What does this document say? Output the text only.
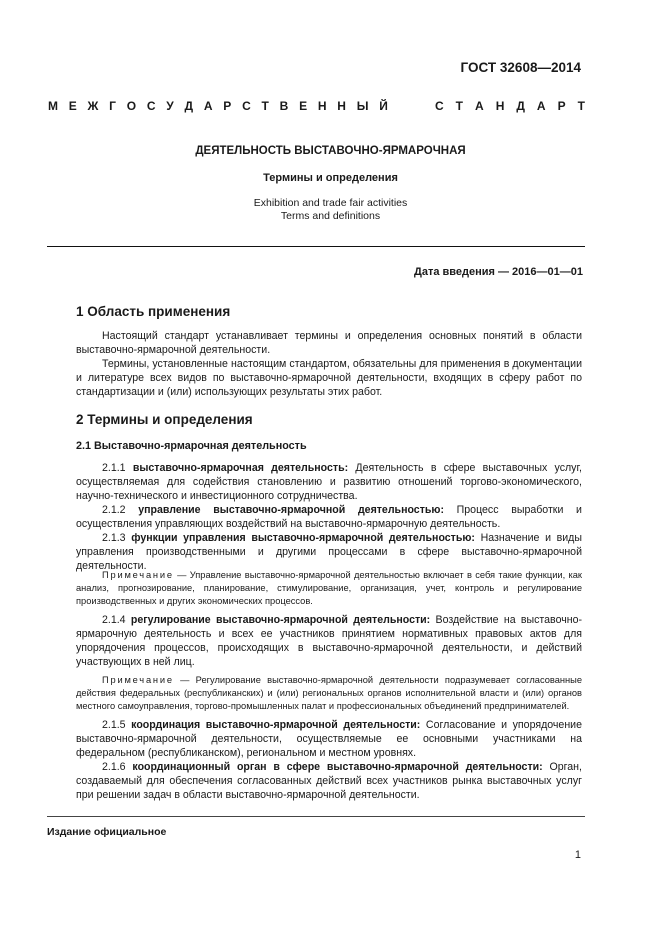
ГОСТ 32608—2014
М Е Ж Г О С У Д А Р С Т В Е Н Н Ы Й	С Т А Н Д А Р Т
ДЕЯТЕЛЬНОСТЬ ВЫСТАВОЧНО-ЯРМАРОЧНАЯ
Термины и определения
Exhibition and trade fair activities
Terms and definitions
Дата введения — 2016—01—01
1 Область применения

Настоящий стандарт устанавливает термины и определения основных понятий в области выставочно-ярмарочной деятельности.

Термины, установленные настоящим стандартом, обязательны для применения в документации и литературе всех видов по выставочно-ярмарочной деятельности, входящих в сферу работ по стандартизации и (или) использующих результаты этих работ.

2 Термины и определения
2.1 Выставочно-ярмарочная деятельность

2.1.1 выставочно-ярмарочная деятельность: Деятельность в сфере выставочных услуг, осуществляемая для содействия становлению и развитию отношений торгово-экономического, научно-технического и инвестиционного сотрудничества.

2.1.2 управление выставочно-ярмарочной деятельностью: Процесс выработки и осуществления управляющих воздействий на выставочно-ярмарочную деятельность.

2.1.3 функции управления выставочно-ярмарочной деятельностью: Назначение и виды управления производственными и другими процессами в сфере выставочно-ярмарочной деятельности.

Примечание — Управление выставочно-ярмарочной деятельностью включает в себя такие функции, как анализ, прогнозирование, планирование, стимулирование, организация, учет, контроль и регулирование производственных и других экономических процессов.

2.1.4 регулирование выставочно-ярмарочной деятельности: Воздействие на выставочно-ярмарочную деятельность и всех ее участников принятием нормативных правовых актов для упорядочения процессов, происходящих в выставочно-ярмарочной деятельности, и действий участвующих в ней лиц.

Примечание — Регулирование выставочно-ярмарочной деятельности подразумевает согласованные действия федеральных (республиканских) и (или) региональных органов исполнительной власти и (или) органов местного самоуправления, торгово-промышленных палат и профессиональных объединений предпринимателей.

2.1.5 координация выставочно-ярмарочной деятельности: Согласование и упорядочение выставочно-ярмарочной деятельности, осуществляемые ее основными участниками на федеральном (республиканском), региональном и местном уровнях.

2.1.6 координационный орган в сфере выставочно-ярмарочной деятельности: Орган, создаваемый для обеспечения согласованных действий всех участников рынка выставочных услуг при решении задач в области выставочно-ярмарочной деятельности.

Издание официальное
1
